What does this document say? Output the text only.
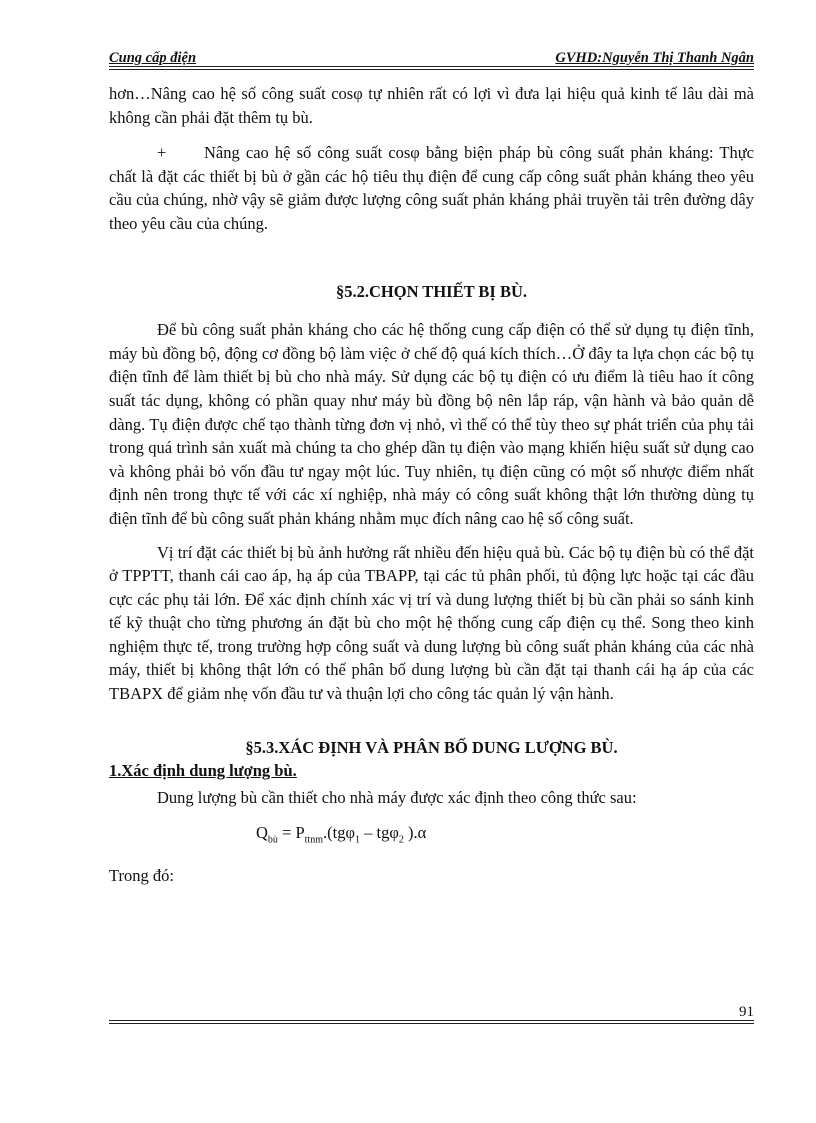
Cung cấp điện	GVHD:Nguyễn Thị Thanh Ngân

hơn…Nâng cao hệ số công suất cosφ tự nhiên rất có lợi vì đưa lại hiệu quả kinh tế lâu dài mà không cần phải đặt thêm tụ bù.

+ Nâng cao hệ số công suất cosφ bằng biện pháp bù công suất phản kháng: Thực chất là đặt các thiết bị bù ở gần các hộ tiêu thụ điện để cung cấp công suất phản kháng theo yêu cầu của chúng, nhờ vậy sẽ giảm được lượng công suất phản kháng phải truyền tải trên đường dây theo yêu cầu của chúng.

§5.2.CHỌN THIẾT BỊ BÙ.

Để bù công suất phản kháng cho các hệ thống cung cấp điện có thể sử dụng tụ điện tĩnh, máy bù đồng bộ, động cơ đồng bộ làm việc ở chế độ quá kích thích…Ở đây ta lựa chọn các bộ tụ điện tĩnh để làm thiết bị bù cho nhà máy. Sử dụng các bộ tụ điện có ưu điểm là tiêu hao ít công suất tác dụng, không có phần quay như máy bù đồng bộ nên lắp ráp, vận hành và bảo quản dễ dàng. Tụ điện được chế tạo thành từng đơn vị nhỏ, vì thế có thể tùy theo sự phát triển của phụ tải trong quá trình sản xuất mà chúng ta cho ghép dần tụ điện vào mạng khiến hiệu suất sử dụng cao và không phải bỏ vốn đầu tư ngay một lúc. Tuy nhiên, tụ điện cũng có một số nhược điểm nhất định nên trong thực tế với các xí nghiệp, nhà máy có công suất không thật lớn thường dùng tụ điện tĩnh để bù công suất phản kháng nhằm mục đích nâng cao hệ số công suất.

Vị trí đặt các thiết bị bù ảnh hưởng rất nhiều đến hiệu quả bù. Các bộ tụ điện bù có thể đặt ở TPPTT, thanh cái cao áp, hạ áp của TBAPP, tại các tủ phân phối, tủ động lực hoặc tại các đầu cực các phụ tải lớn. Để xác định chính xác vị trí và dung lượng thiết bị bù cần phải so sánh kinh tế kỹ thuật cho từng phương án đặt bù cho một hệ thống cung cấp điện cụ thể. Song theo kinh nghiệm thực tế, trong trường hợp công suất và dung lượng bù công suất phản kháng của các nhà máy, thiết bị không thật lớn có thể phân bố dung lượng bù cần đặt tại thanh cái hạ áp của các TBAPX để giảm nhẹ vốn đầu tư và thuận lợi cho công tác quản lý vận hành.

§5.3.XÁC ĐỊNH VÀ PHÂN BỐ DUNG LƯỢNG BÙ.

1.Xác định dung lượng bù.

Dung lượng bù cần thiết cho nhà máy được xác định theo công thức sau:

$Q_{bù} = P_{ttnm}.(tg\varphi_1 - tg\varphi_2$ ).α

Trong đó:

91
